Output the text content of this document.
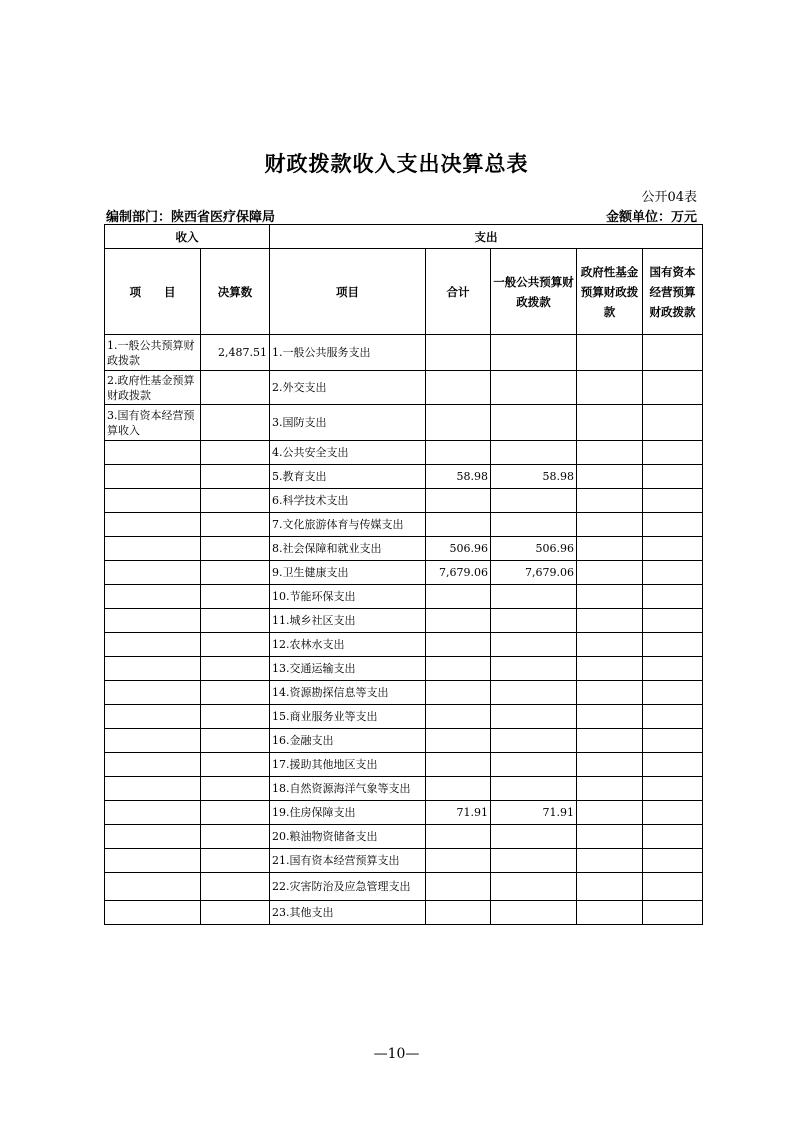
财政拨款收入支出决算总表
公开04表
编制部门：陕西省医疗保障局	金额单位：万元
收入		支出				
项　　目	决算数	项目	合计	一般公共预算财政拨款	政府性基金预算财政拨款	国有资本经营预算财政拨款
1.一般公共预算财政拨款	2,487.51	1.一般公共服务支出				
2.政府性基金预算财政拨款		2.外交支出				
3.国有资本经营预算收入		3.国防支出				
		4.公共安全支出				
		5.教育支出	58.98	58.98		
		6.科学技术支出				
		7.文化旅游体育与传媒支出				
		8.社会保障和就业支出	506.96	506.96		
		9.卫生健康支出	7,679.06	7,679.06		
		10.节能环保支出				
		11.城乡社区支出				
		12.农林水支出				
		13.交通运输支出				
		14.资源勘探信息等支出				
		15.商业服务业等支出				
		16.金融支出				
		17.援助其他地区支出				
		18.自然资源海洋气象等支出				
		19.住房保障支出	71.91	71.91		
		20.粮油物资储备支出				
		21.国有资本经营预算支出				
		22.灾害防治及应急管理支出				
		23.其他支出				
—10—
